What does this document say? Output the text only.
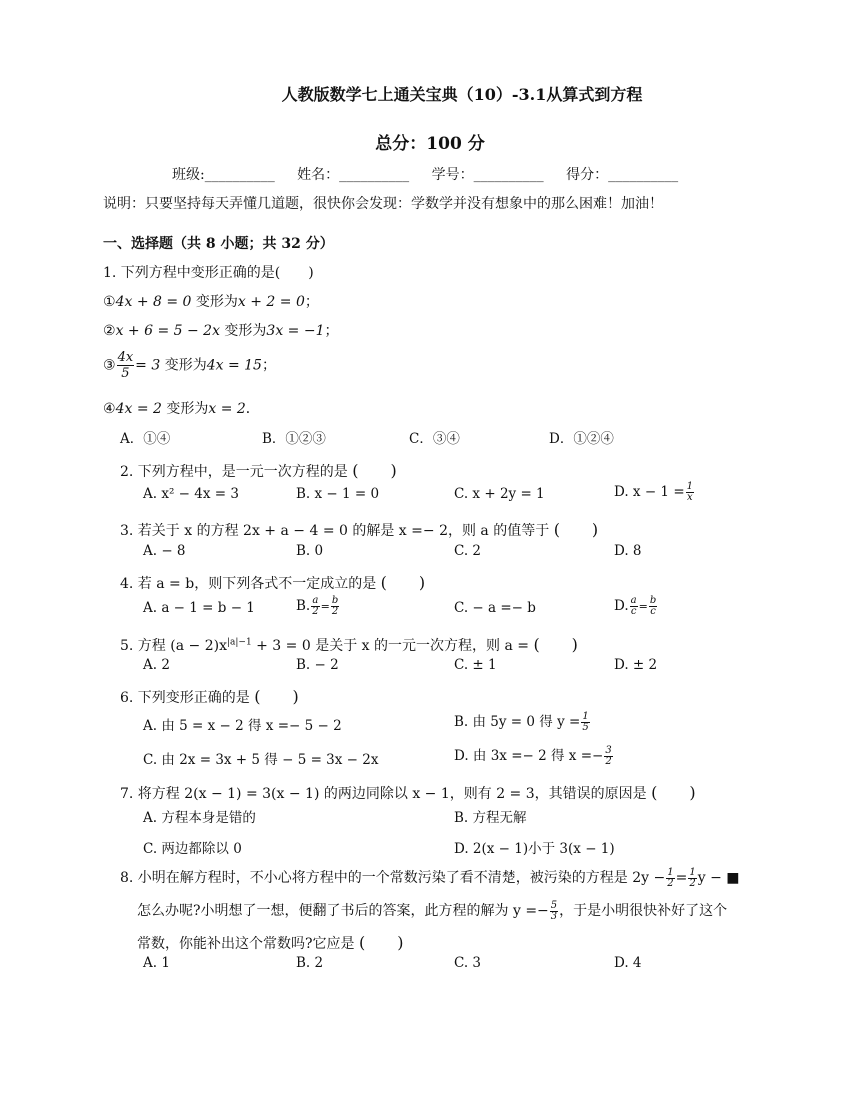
人教版数学七上通关宝典（10）-3.1从算式到方程
总分：100 分
班级:__________ 姓名：__________ 学号：__________ 得分：__________
说明：只要坚持每天弄懂几道题，很快你会发现：学数学并没有想象中的那么困难！加油！
一、选择题（共 8 小题；共 32 分）
1. 下列方程中变形正确的是(　　)
①4x + 8 = 0 变形为x + 2 = 0；
②x + 6 = 5 − 2x 变形为3x = −1；
③ $\frac{4x}{5} = 3$ 变形为4x = 15；
④4x = 2 变形为x = 2．
A．①④	B．①②③	C．③④	D．①②④
2. 下列方程中，是一元一次方程的是 (　　)
A. x² − 4x = 3	B. x − 1 = 0	C. x + 2y = 1	D. $x - 1 = \frac{1}{x}$
3. 若关于 x 的方程 2x + a − 4 = 0 的解是 x =− 2，则 a 的值等于 (　　)
A. − 8	B. 0	C. 2	D. 8
4. 若 a = b，则下列各式不一定成立的是 (　　)
A. a − 1 = b − 1	B. $\frac{a}{2} = \frac{b}{2}$	C. − a =− b	D. $\frac{a}{c} = \frac{b}{c}$
5. 方程 $(a - 2)x^{|a|-1} + 3 = 0$ 是关于 x 的一元一次方程，则 a = (　　)
A. 2	B. − 2	C. ± 1	D. ± 2
6. 下列变形正确的是 (　　)
A. 由 5 = x − 2 得 x =− 5 − 2	B. 由 5y = 0 得 $y = \frac{1}{5}$
C. 由 2x = 3x + 5 得 − 5 = 3x − 2x	D. 由 3x =− 2 得 $x =- \frac{3}{2}$
7. 将方程 2(x − 1) = 3(x − 1) 的两边同除以 x − 1，则有 2 = 3，其错误的原因是 (　　)
A. 方程本身是错的	B. 方程无解
C. 两边都除以 0	D. 2(x − 1)小于 3(x − 1)
8. 小明在解方程时，不小心将方程中的一个常数污染了看不清楚，被污染的方程是 $2y - \frac{1}{2} = \frac{1}{2}$ y − ■
怎么办呢?小明想了一想，便翻了书后的答案，此方程的解为 $y =- \frac{5}{3}$ ，于是小明很快补好了这个
常数，你能补出这个常数吗?它应是 (　　)
A. 1	B. 2	C. 3	D. 4
